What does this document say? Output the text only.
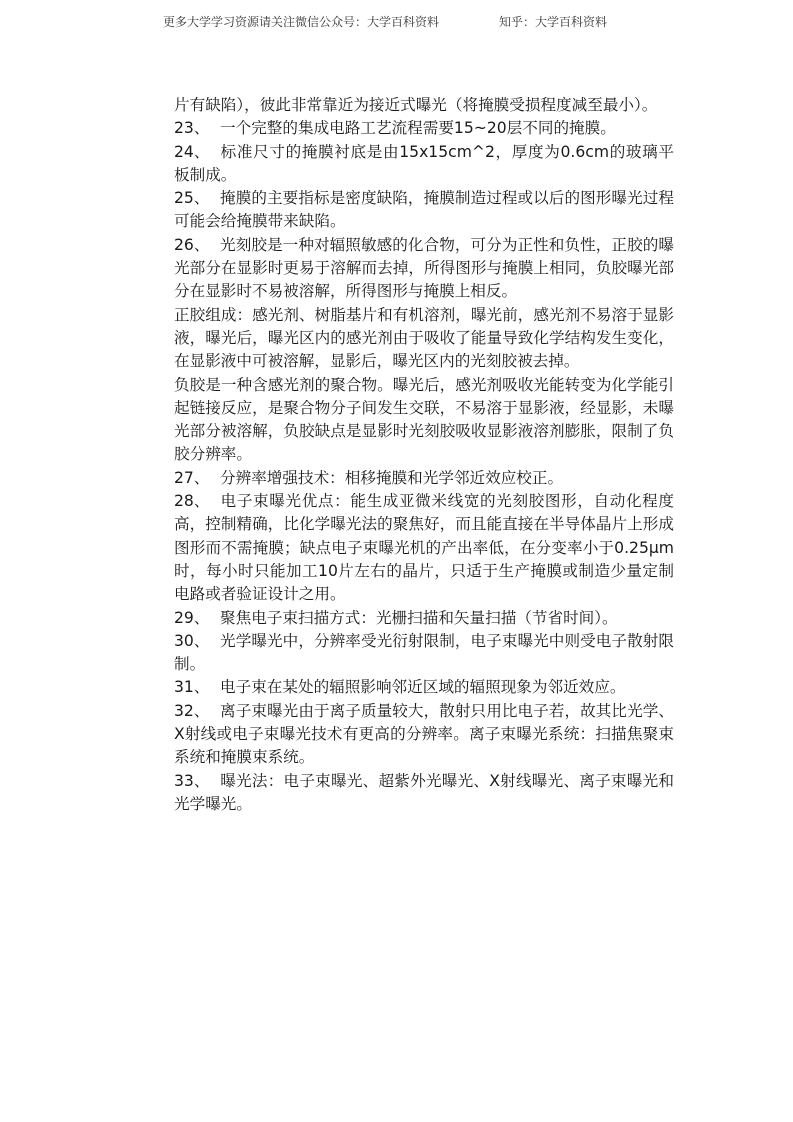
更多大学学习资源请关注微信公众号：大学百科资料	知乎：大学百科资料

片有缺陷），彼此非常靠近为接近式曝光（将掩膜受损程度减至最小）。

23、 一个完整的集成电路工艺流程需要15~20层不同的掩膜。

24、 标准尺寸的掩膜衬底是由15x15cm^2，厚度为0.6cm的玻璃平板制成。

25、 掩膜的主要指标是密度缺陷，掩膜制造过程或以后的图形曝光过程可能会给掩膜带来缺陷。

26、 光刻胶是一种对辐照敏感的化合物，可分为正性和负性，正胶的曝光部分在显影时更易于溶解而去掉，所得图形与掩膜上相同，负胶曝光部分在显影时不易被溶解，所得图形与掩膜上相反。

正胶组成：感光剂、树脂基片和有机溶剂，曝光前，感光剂不易溶于显影液，曝光后，曝光区内的感光剂由于吸收了能量导致化学结构发生变化，在显影液中可被溶解，显影后，曝光区内的光刻胶被去掉。

负胶是一种含感光剂的聚合物。曝光后，感光剂吸收光能转变为化学能引起链接反应，是聚合物分子间发生交联，不易溶于显影液，经显影，未曝光部分被溶解，负胶缺点是显影时光刻胶吸收显影液溶剂膨胀，限制了负胶分辨率。

27、 分辨率增强技术：相移掩膜和光学邻近效应校正。

28、 电子束曝光优点：能生成亚微米线宽的光刻胶图形，自动化程度高，控制精确，比化学曝光法的聚焦好，而且能直接在半导体晶片上形成图形而不需掩膜；缺点电子束曝光机的产出率低，在分变率小于0.25μm时，每小时只能加工10片左右的晶片，只适于生产掩膜或制造少量定制电路或者验证设计之用。

29、 聚焦电子束扫描方式：光栅扫描和矢量扫描（节省时间）。

30、 光学曝光中，分辨率受光衍射限制，电子束曝光中则受电子散射限制。

31、 电子束在某处的辐照影响邻近区域的辐照现象为邻近效应。

32、 离子束曝光由于离子质量较大，散射只用比电子若，故其比光学、X射线或电子束曝光技术有更高的分辨率。离子束曝光系统：扫描焦聚束系统和掩膜束系统。

33、 曝光法：电子束曝光、超紫外光曝光、X射线曝光、离子束曝光和光学曝光。
